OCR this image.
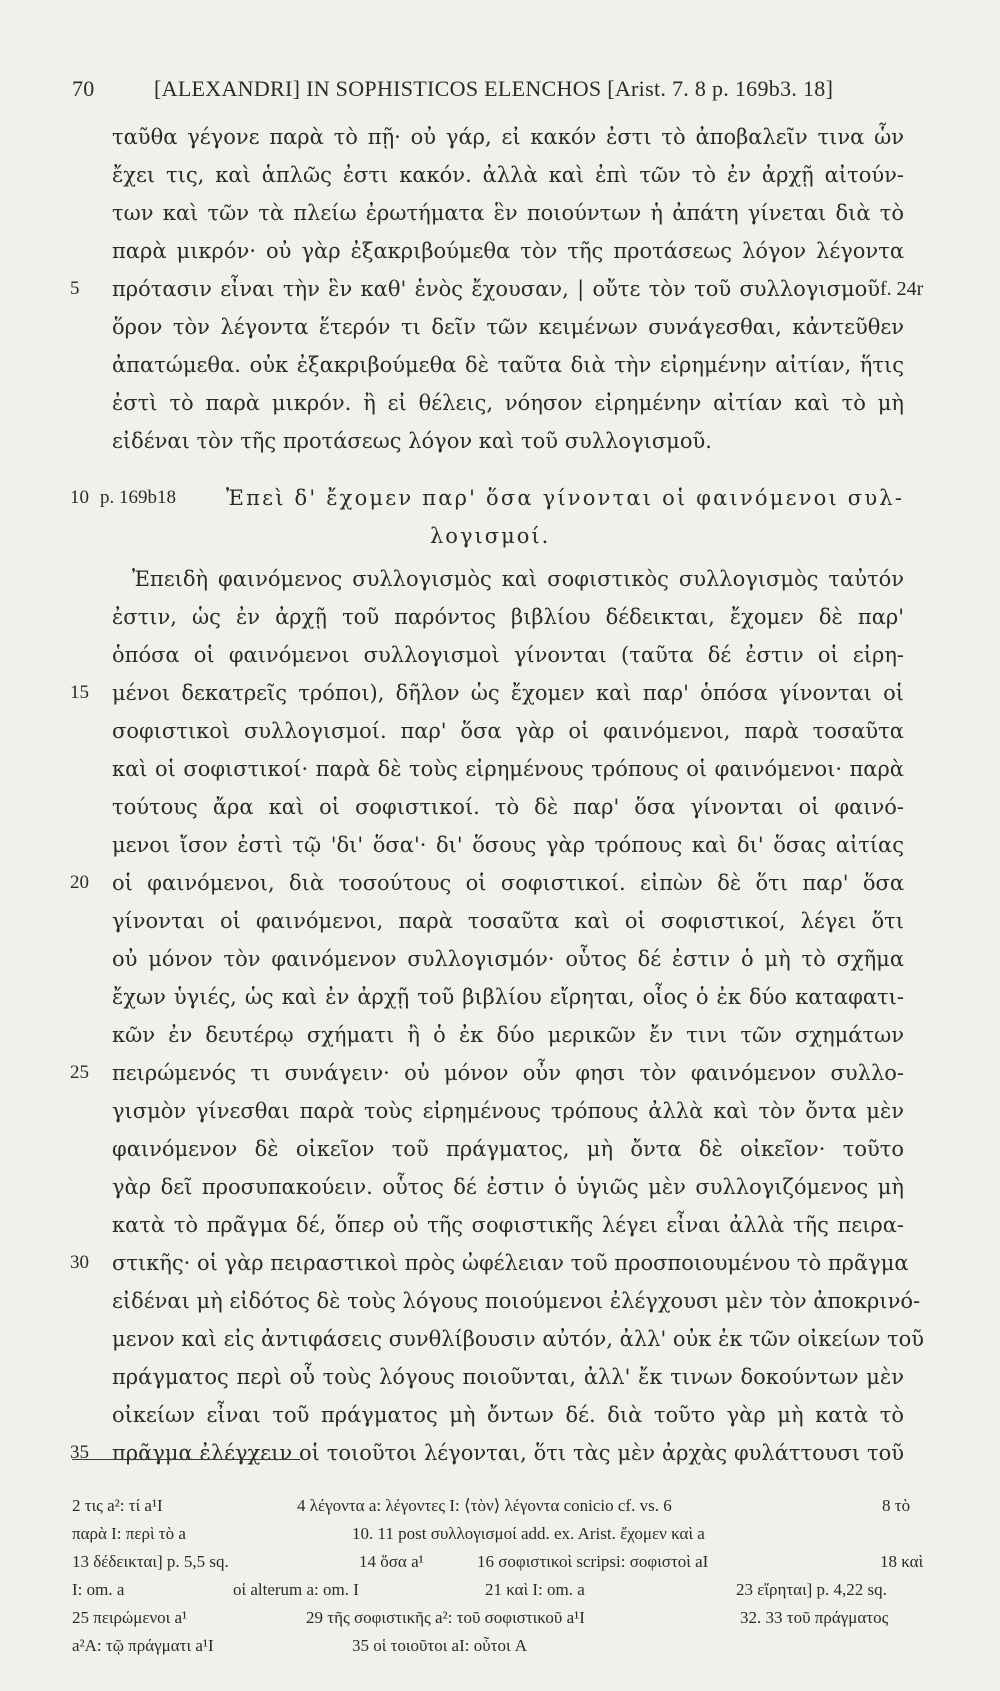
70	[ALEXANDRI] IN SOPHISTICOS ELENCHOS [Arist. 7. 8 p. 169b3. 18]
ταῦθα γέγονε παρὰ τὸ πῇ· οὐ γάρ, εἰ κακόν ἐστι τὸ ἀποβαλεῖν τινα ὧν
ἔχει τις, καὶ ἁπλῶς ἐστι κακόν. ἀλλὰ καὶ ἐπὶ τῶν τὸ ἐν ἀρχῇ αἰτούν-
των καὶ τῶν τὰ πλείω ἐρωτήματα ἓν ποιούντων ἡ ἀπάτη γίνεται διὰ τὸ
παρὰ μικρόν· οὐ γὰρ ἐξακριβούμεθα τὸν τῆς προτάσεως λόγον λέγοντα
5	πρότασιν εἶναι τὴν ἓν καθ' ἑνὸς ἔχουσαν, | οὔτε τὸν τοῦ συλλογισμοῦ f. 24r
ὅρον τὸν λέγοντα ἕτερόν τι δεῖν τῶν κειμένων συνάγεσθαι, κἀντεῦθεν
ἀπατώμεθα. οὐκ ἐξακριβούμεθα δὲ ταῦτα διὰ τὴν εἰρημένην αἰτίαν, ἥτις
ἐστὶ τὸ παρὰ μικρόν. ἢ εἰ θέλεις, νόησον εἰρημένην αἰτίαν καὶ τὸ μὴ
εἰδέναι τὸν τῆς προτάσεως λόγον καὶ τοῦ συλλογισμοῦ.
10 p. 169b18 Ἐπεὶ δ' ἔχομεν παρ' ὅσα γίνονται οἱ φαινόμενοι συλ-
λογισμοί.
Ἐπειδὴ φαινόμενος συλλογισμὸς καὶ σοφιστικὸς συλλογισμὸς ταὐτόν
ἐστιν, ὡς ἐν ἀρχῇ τοῦ παρόντος βιβλίου δέδεικται, ἔχομεν δὲ παρ'
ὁπόσα οἱ φαινόμενοι συλλογισμοὶ γίνονται (ταῦτα δέ ἐστιν οἱ εἰρη-
15	μένοι δεκατρεῖς τρόποι), δῆλον ὡς ἔχομεν καὶ παρ' ὁπόσα γίνονται οἱ
σοφιστικοὶ συλλογισμοί. παρ' ὅσα γὰρ οἱ φαινόμενοι, παρὰ τοσαῦτα
καὶ οἱ σοφιστικοί· παρὰ δὲ τοὺς εἰρημένους τρόπους οἱ φαινόμενοι· παρὰ
τούτους ἄρα καὶ οἱ σοφιστικοί. τὸ δὲ παρ' ὅσα γίνονται οἱ φαινό-
μενοι ἴσον ἐστὶ τῷ 'δι' ὅσα'· δι' ὅσους γὰρ τρόπους καὶ δι' ὅσας αἰτίας
20	οἱ φαινόμενοι, διὰ τοσούτους οἱ σοφιστικοί. εἰπὼν δὲ ὅτι παρ' ὅσα
γίνονται οἱ φαινόμενοι, παρὰ τοσαῦτα καὶ οἱ σοφιστικοί, λέγει ὅτι
οὐ μόνον τὸν φαινόμενον συλλογισμόν· οὗτος δέ ἐστιν ὁ μὴ τὸ σχῆμα
ἔχων ὑγιές, ὡς καὶ ἐν ἀρχῇ τοῦ βιβλίου εἴρηται, οἷος ὁ ἐκ δύο καταφατι-
κῶν ἐν δευτέρῳ σχήματι ἢ ὁ ἐκ δύο μερικῶν ἔν τινι τῶν σχημάτων
25	πειρώμενός τι συνάγειν· οὐ μόνον οὖν φησι τὸν φαινόμενον συλλο-
γισμὸν γίνεσθαι παρὰ τοὺς εἰρημένους τρόπους ἀλλὰ καὶ τὸν ὄντα μὲν
φαινόμενον δὲ οἰκεῖον τοῦ πράγματος, μὴ ὄντα δὲ οἰκεῖον· τοῦτο
γὰρ δεῖ προσυπακούειν. οὗτος δέ ἐστιν ὁ ὑγιῶς μὲν συλλογιζόμενος μὴ
κατὰ τὸ πρᾶγμα δέ, ὅπερ οὐ τῆς σοφιστικῆς λέγει εἶναι ἀλλὰ τῆς πειρα-
30	στικῆς· οἱ γὰρ πειραστικοὶ πρὸς ὠφέλειαν τοῦ προσποιουμένου τὸ πρᾶγμα
εἰδέναι μὴ εἰδότος δὲ τοὺς λόγους ποιούμενοι ἐλέγχουσι μὲν τὸν ἀποκρινό-
μενον καὶ εἰς ἀντιφάσεις συνθλίβουσιν αὐτόν, ἀλλ' οὐκ ἐκ τῶν οἰκείων τοῦ
πράγματος περὶ οὗ τοὺς λόγους ποιοῦνται, ἀλλ' ἔκ τινων δοκούντων μὲν
οἰκείων εἶναι τοῦ πράγματος μὴ ὄντων δέ. διὰ τοῦτο γὰρ μὴ κατὰ τὸ
35	πρᾶγμα ἐλέγχειν οἱ τοιοῦτοι λέγονται, ὅτι τὰς μὲν ἀρχὰς φυλάττουσι τοῦ
2 τις a²: τί a¹I	4 λέγοντα a: λέγοντες I: ⟨τὸν⟩ λέγοντα conicio cf. vs. 6	8 τὸ
παρὰ I: περὶ τὸ a	10. 11 post συλλογισμοί add. ex. Arist. ἔχομεν καὶ a
13 δέδεικται] p. 5,5 sq.	14 ὅσα a¹	16 σοφιστικοὶ scripsi: σοφιστοὶ aI	18 καὶ
I: om. a	οἱ alterum a: om. I	21 καὶ I: om. a	23 εἴρηται] p. 4,22 sq.
25 πειρώμενοι a¹	29 τῆς σοφιστικῆς a²: τοῦ σοφιστικοῦ a¹I	32. 33 τοῦ πράγματος
a²A: τῷ πράγματι a¹I	35 οἱ τοιοῦτοι aI: οὗτοι A
